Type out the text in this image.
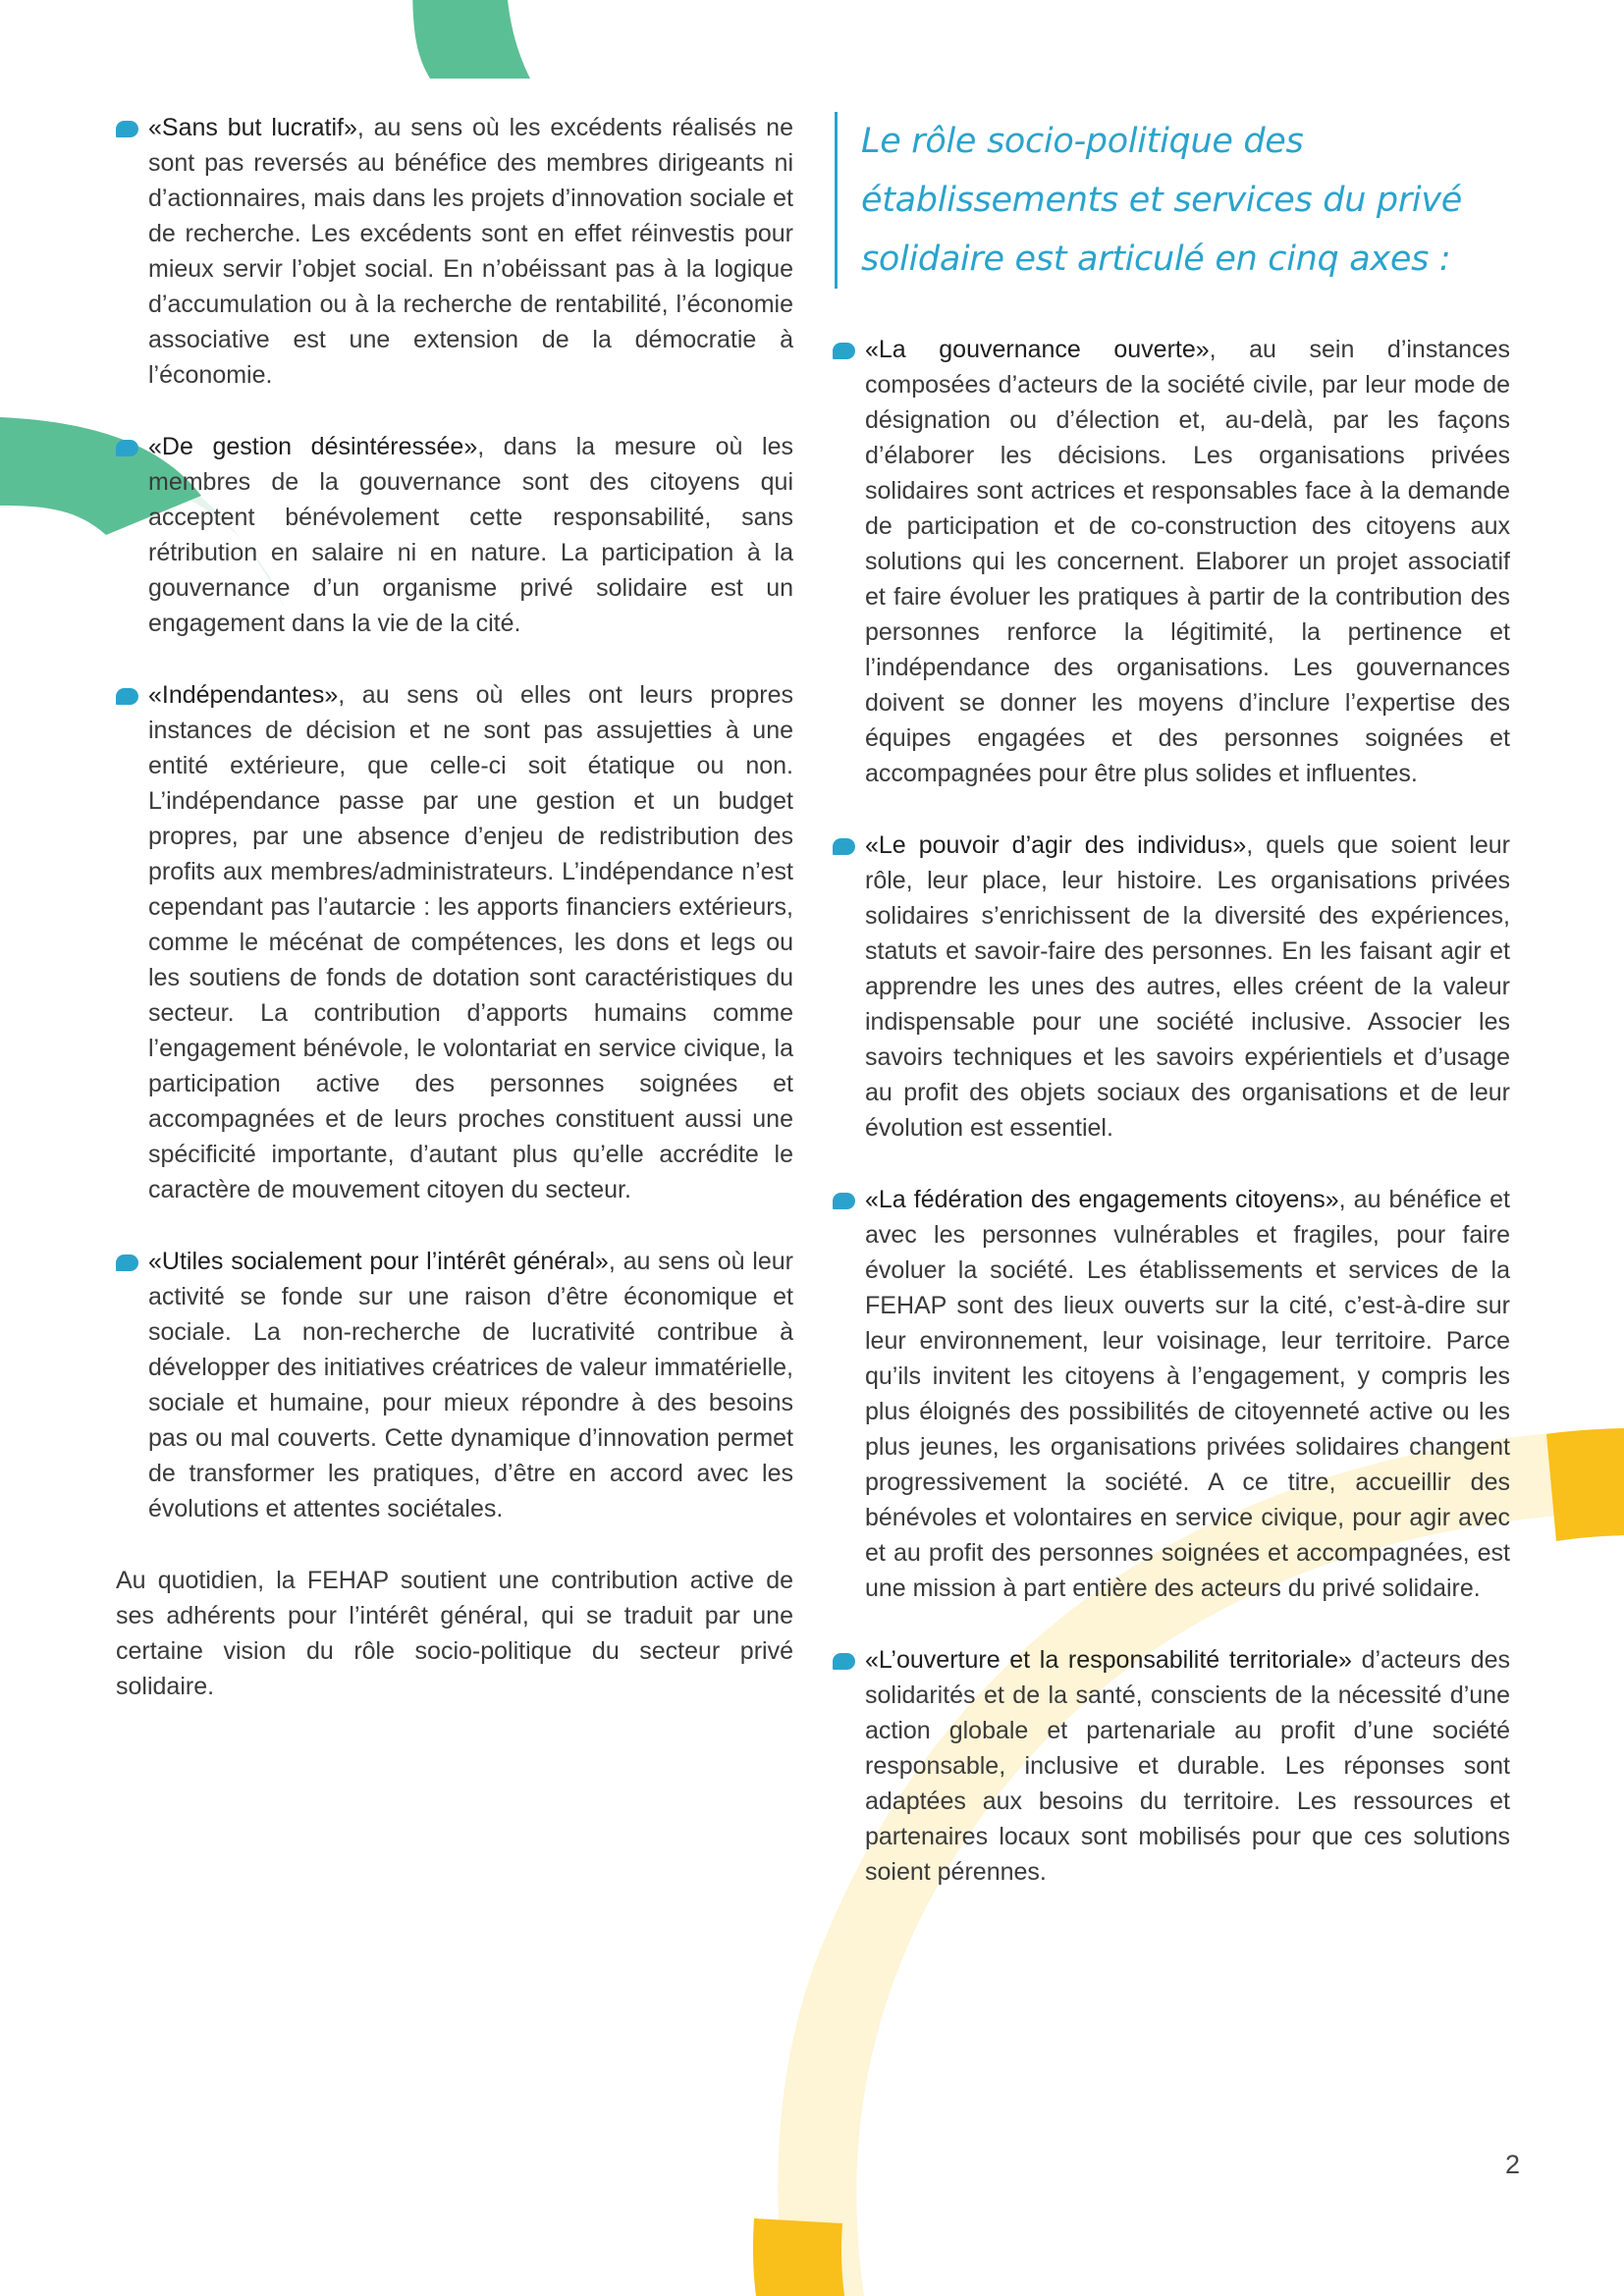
«Sans but lucratif», au sens où les excédents réalisés ne sont pas reversés au bénéfice des membres dirigeants ni d’actionnaires, mais dans les projets d’innovation sociale et de recherche. Les excédents sont en effet réinvestis pour mieux servir l’objet social. En n’obéissant pas à la logique d’accumulation ou à la recherche de rentabilité, l’économie associative est une extension de la démocratie à l’économie.

«De gestion désintéressée», dans la mesure où les membres de la gouvernance sont des citoyens qui acceptent bénévolement cette responsabilité, sans rétribution en salaire ni en nature. La participation à la gouvernance d’un organisme privé solidaire est un engagement dans la vie de la cité.

«Indépendantes», au sens où elles ont leurs propres instances de décision et ne sont pas assujetties à une entité extérieure, que celle-ci soit étatique ou non. L’indépendance passe par une gestion et un budget propres, par une absence d’enjeu de redistribution des profits aux membres/administrateurs. L’indépendance n’est cependant pas l’autarcie : les apports financiers extérieurs, comme le mécénat de compétences, les dons et legs ou les soutiens de fonds de dotation sont caractéristiques du secteur. La contribution d’apports humains comme l’engagement bénévole, le volontariat en service civique, la participation active des personnes soignées et accompagnées et de leurs proches constituent aussi une spécificité importante, d’autant plus qu’elle accrédite le caractère de mouvement citoyen du secteur.

«Utiles socialement pour l’intérêt général», au sens où leur activité se fonde sur une raison d’être économique et sociale. La non-recherche de lucrativité contribue à développer des initiatives créatrices de valeur immatérielle, sociale et humaine, pour mieux répondre à des besoins pas ou mal couverts. Cette dynamique d’innovation permet de transformer les pratiques, d’être en accord avec les évolutions et attentes sociétales.

Au quotidien, la FEHAP soutient une contribution active de ses adhérents pour l’intérêt général, qui se traduit par une certaine vision du rôle socio-politique du secteur privé solidaire.

Le rôle socio-politique des établissements et services du privé solidaire est articulé en cinq axes :

«La gouvernance ouverte», au sein d’instances composées d’acteurs de la société civile, par leur mode de désignation ou d’élection et, au-delà, par les façons d’élaborer les décisions. Les organisations privées solidaires sont actrices et responsables face à la demande de participation et de co-construction des citoyens aux solutions qui les concernent. Elaborer un projet associatif et faire évoluer les pratiques à partir de la contribution des personnes renforce la légitimité, la pertinence et l’indépendance des organisations. Les gouvernances doivent se donner les moyens d’inclure l’expertise des équipes engagées et des personnes soignées et accompagnées pour être plus solides et influentes.

«Le pouvoir d’agir des individus», quels que soient leur rôle, leur place, leur histoire. Les organisations privées solidaires s’enrichissent de la diversité des expériences, statuts et savoir-faire des personnes. En les faisant agir et apprendre les unes des autres, elles créent de la valeur indispensable pour une société inclusive. Associer les savoirs techniques et les savoirs expérientiels et d’usage au profit des objets sociaux des organisations et de leur évolution est essentiel.

«La fédération des engagements citoyens», au bénéfice et avec les personnes vulnérables et fragiles, pour faire évoluer la société. Les établissements et services de la FEHAP sont des lieux ouverts sur la cité, c’est-à-dire sur leur environnement, leur voisinage, leur territoire. Parce qu’ils invitent les citoyens à l’engagement, y compris les plus éloignés des possibilités de citoyenneté active ou les plus jeunes, les organisations privées solidaires changent progressivement la société. A ce titre, accueillir des bénévoles et volontaires en service civique, pour agir avec et au profit des personnes soignées et accompagnées, est une mission à part entière des acteurs du privé solidaire.

«L’ouverture et la responsabilité territoriale» d’acteurs des solidarités et de la santé, conscients de la nécessité d’une action globale et partenariale au profit d’une société responsable, inclusive et durable. Les réponses sont adaptées aux besoins du territoire. Les ressources et partenaires locaux sont mobilisés pour que ces solutions soient pérennes.

2
